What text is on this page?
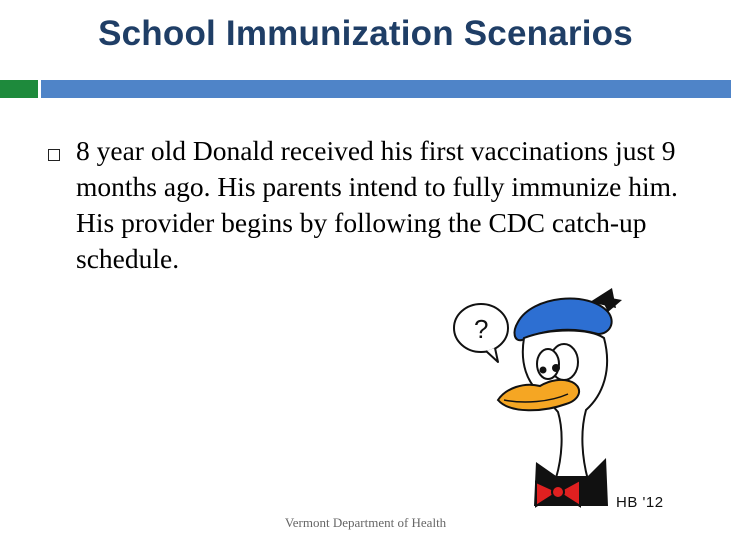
School Immunization Scenarios
8 year old Donald received his first vaccinations just 9 months ago. His parents intend to fully immunize him. His provider begins by following the CDC catch-up schedule.
?
HB '12
Vermont Department of Health
